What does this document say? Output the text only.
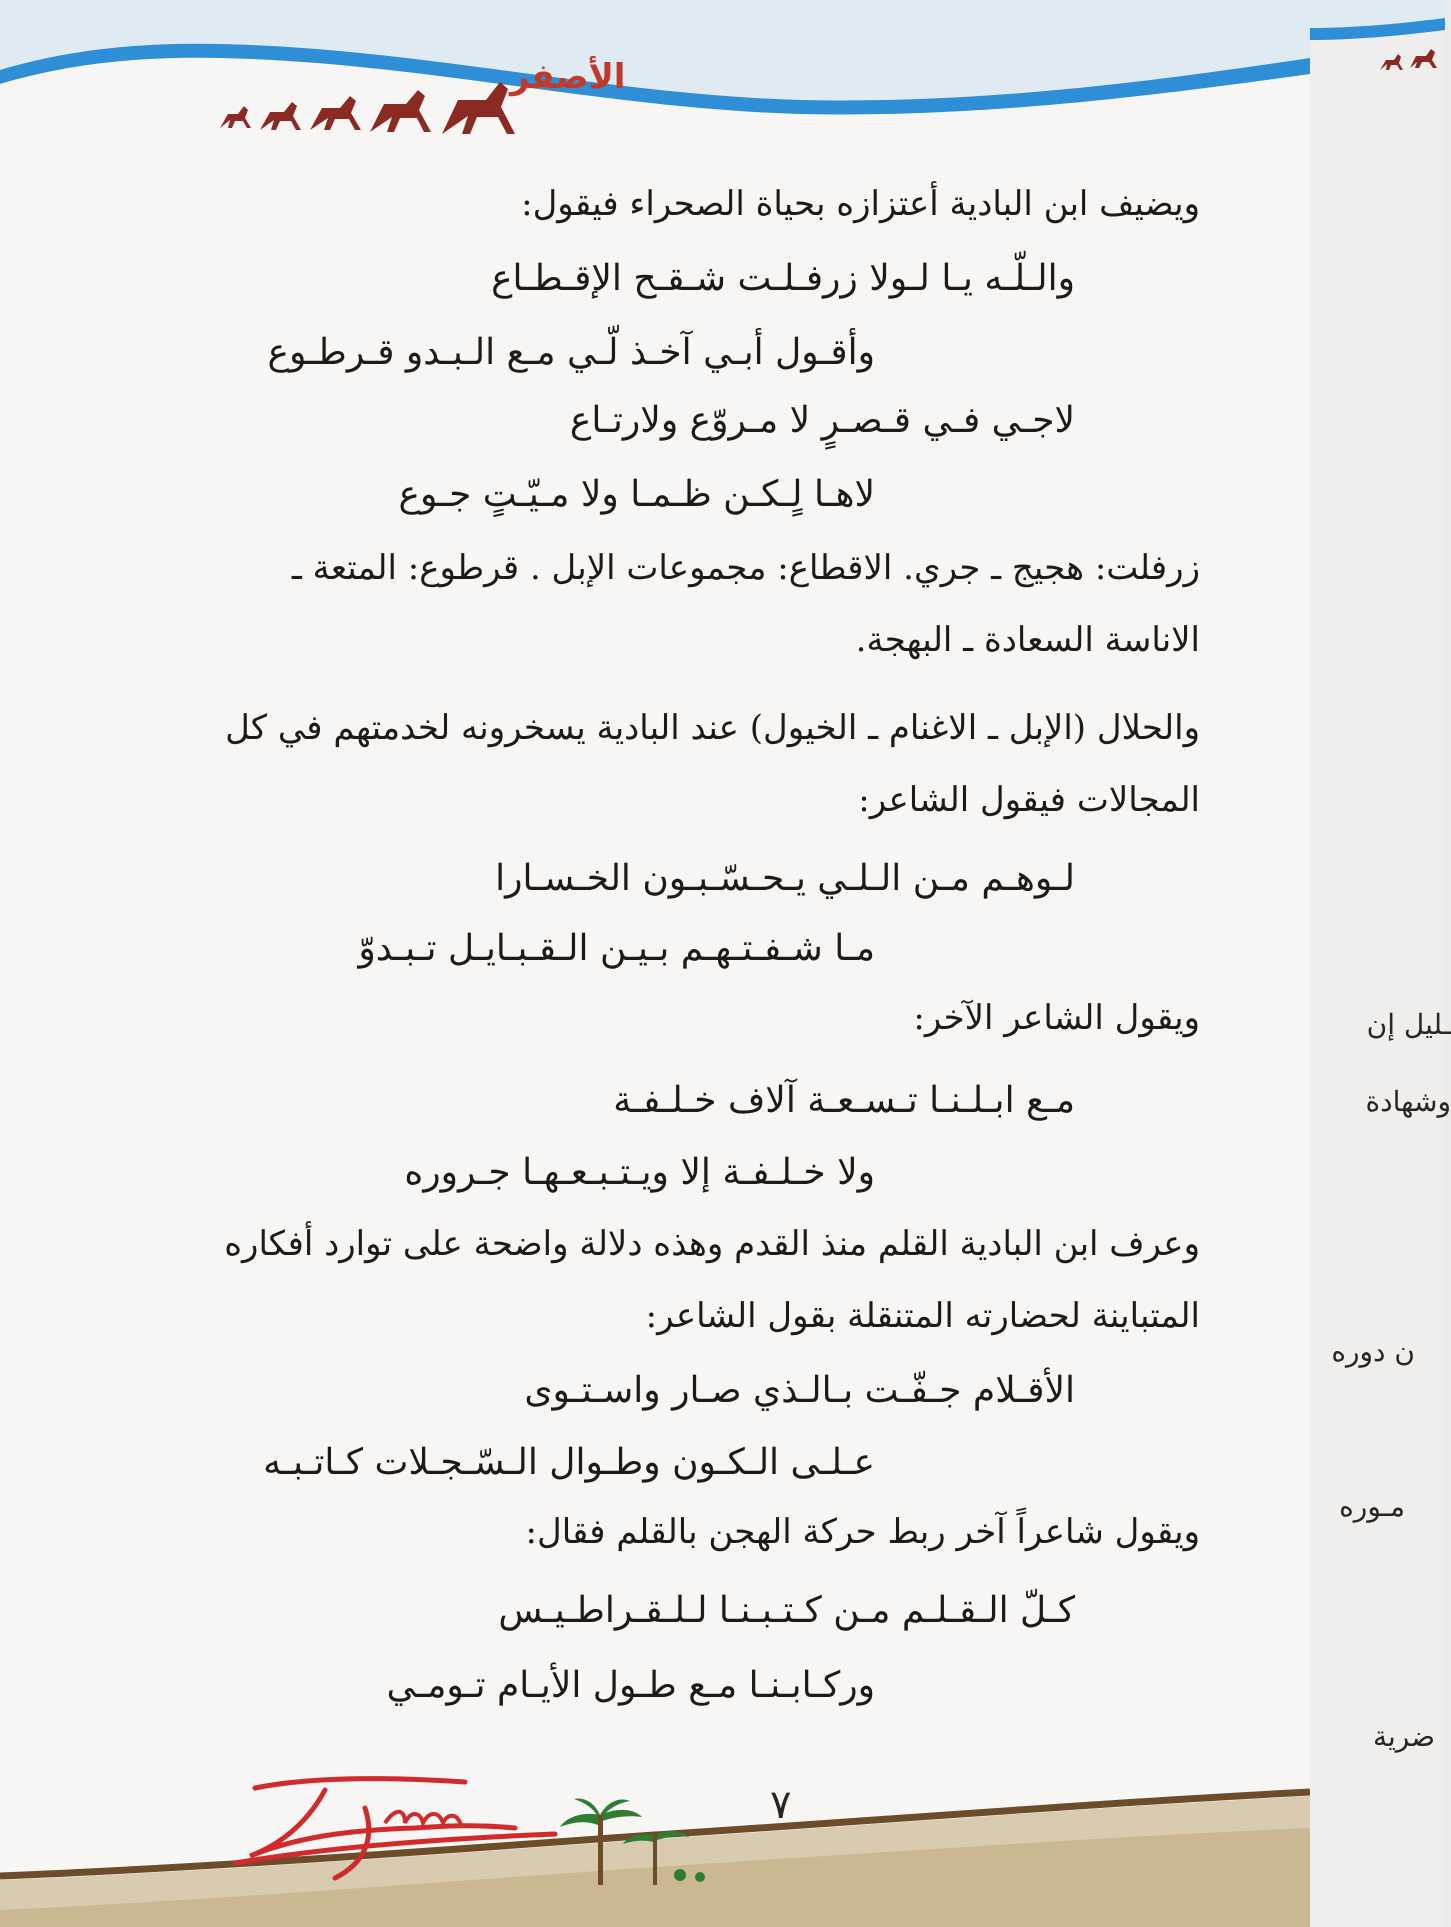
الأصفر
ويضيف ابن البادية أعتزازه بحياة الصحراء فيقول:
والـلّـه يـا لـولا زرفـلـت شـقـح الإقـطـاع
وأقـول أبـي آخـذ لّـي مـع الـبـدو قـرطـوع
لاجـي فـي قـصـرٍ لا مـروّع ولارتـاع
لاهـا لٍـكـن ظـمـا ولا مـيّـتٍ جـوع
زرفلت: هجيج ـ جري. الاقطاع: مجموعات الإبل . قرطوع: المتعة ـ
الاناسة السعادة ـ البهجة.
والحلال (الإبل ـ الاغنام ـ الخيول) عند البادية يسخرونه لخدمتهم في كل
المجالات فيقول الشاعر:
لـوهـم مـن الـلـي يـحـسّـبـون الخـسـارا
مـا شـفـتـهـم بـيـن الـقـبـايـل تـبـدوّ
ويقول الشاعر الآخر:
مـع ابـلـنـا تـسـعـة آلاف خـلـفـة
ولا خـلـفـة إلا ويـتـبـعـهـا جـروره
وعرف ابن البادية القلم منذ القدم وهذه دلالة واضحة على توارد أفكاره
المتباينة لحضارته المتنقلة بقول الشاعر:
الأقـلام جـفّـت بـالـذي صـار واسـتـوى
عـلـى الـكـون وطـوال الـسّـجـلات كـاتـبـه
ويقول شاعراً آخر ربط حركة الهجن بالقلم فقال:
كـلّ الـقـلـم مـن كـتـبـنـا لـلـقـراطـيـس
وركـابـنـا مـع طـول الأيـام تـومـي
٧
ـليل إن
وشهادة
ن دوره
مـوره
ضرية
